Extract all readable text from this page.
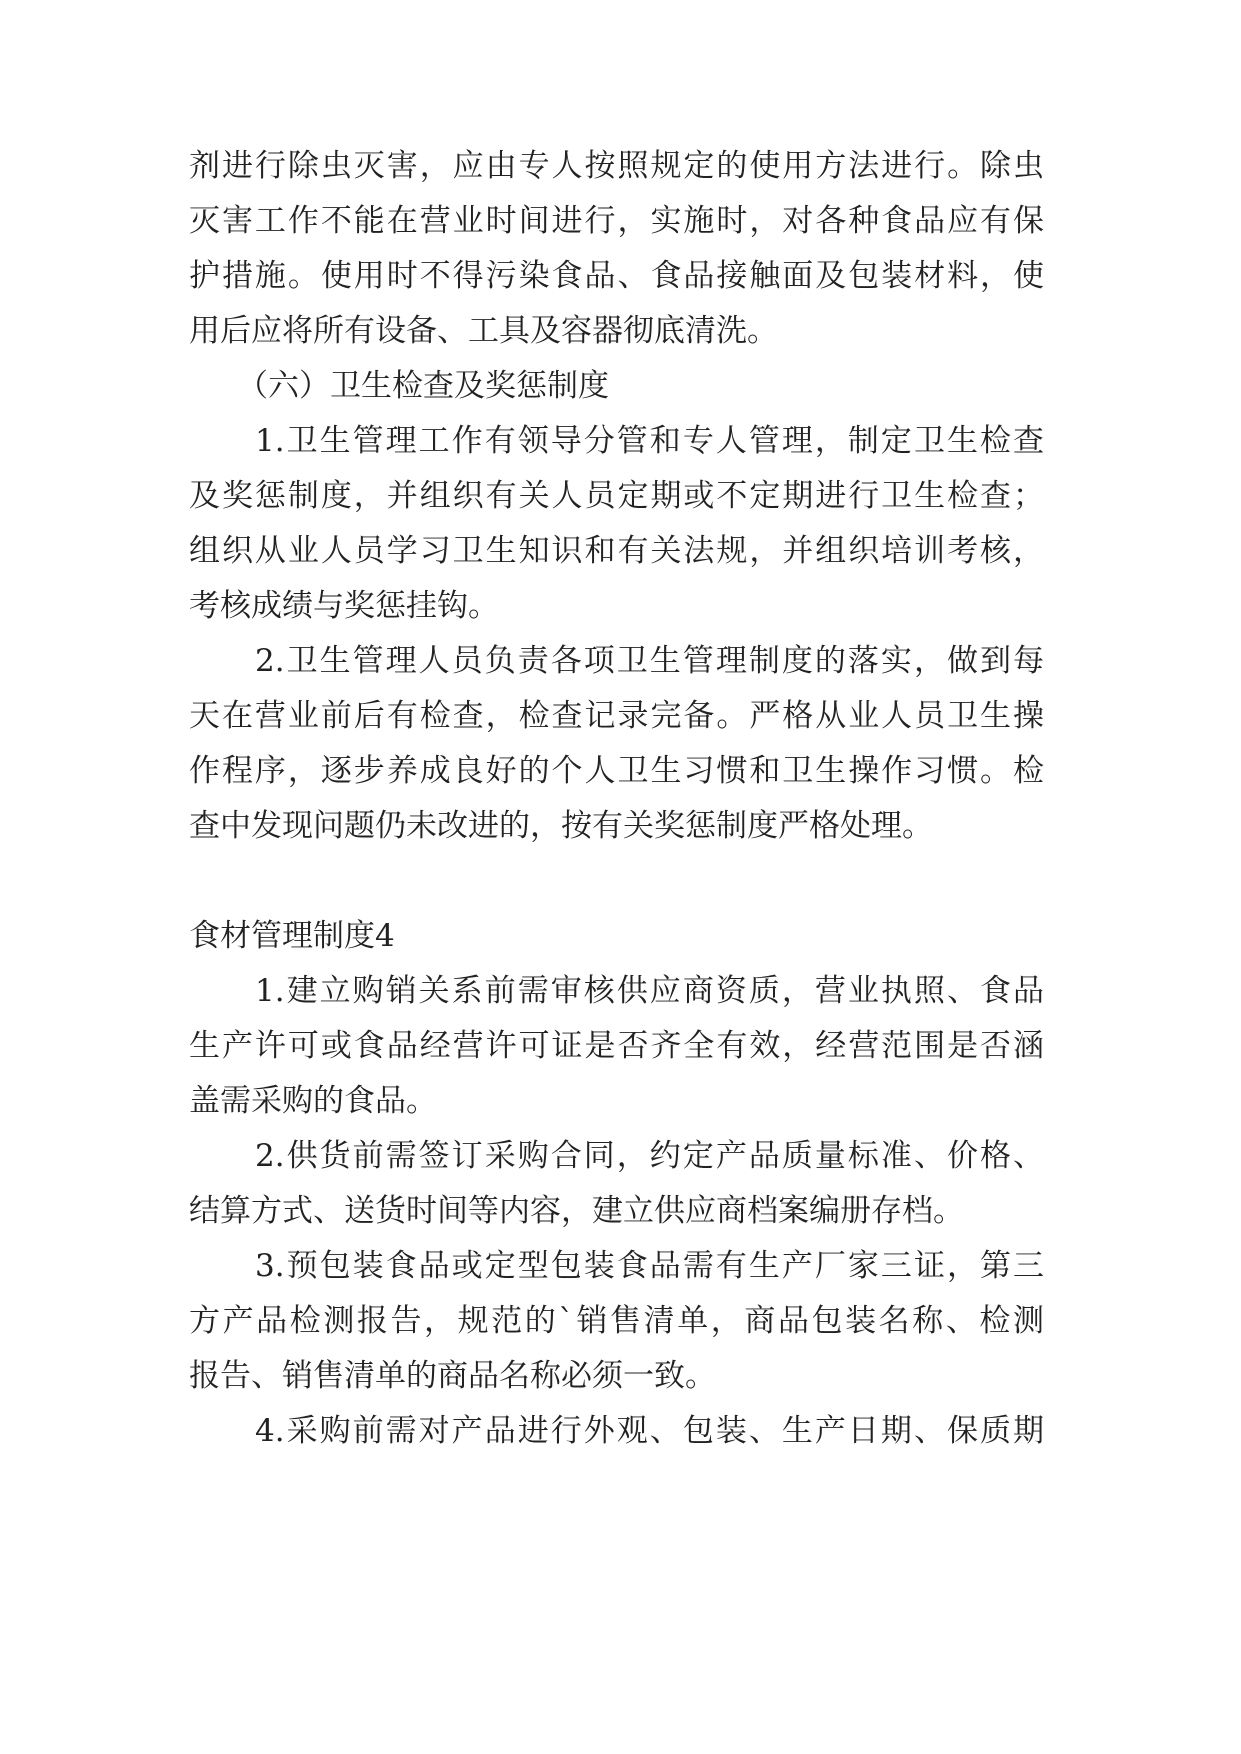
剂进行除虫灭害，应由专人按照规定的使用方法进行。除虫
灭害工作不能在营业时间进行，实施时，对各种食品应有保
护措施。使用时不得污染食品、食品接触面及包装材料，使
用后应将所有设备、工具及容器彻底清洗。
（六）卫生检查及奖惩制度
1.卫生管理工作有领导分管和专人管理，制定卫生检查
及奖惩制度，并组织有关人员定期或不定期进行卫生检查；
组织从业人员学习卫生知识和有关法规，并组织培训考核，
考核成绩与奖惩挂钩。
2.卫生管理人员负责各项卫生管理制度的落实，做到每
天在营业前后有检查，检查记录完备。严格从业人员卫生操
作程序，逐步养成良好的个人卫生习惯和卫生操作习惯。检
查中发现问题仍未改进的，按有关奖惩制度严格处理。
食材管理制度4
1.建立购销关系前需审核供应商资质，营业执照、食品
生产许可或食品经营许可证是否齐全有效，经营范围是否涵
盖需采购的食品。
2.供货前需签订采购合同，约定产品质量标准、价格、
结算方式、送货时间等内容，建立供应商档案编册存档。
3.预包装食品或定型包装食品需有生产厂家三证，第三
方产品检测报告，规范的`销售清单，商品包装名称、检测
报告、销售清单的商品名称必须一致。
4.采购前需对产品进行外观、包装、生产日期、保质期
